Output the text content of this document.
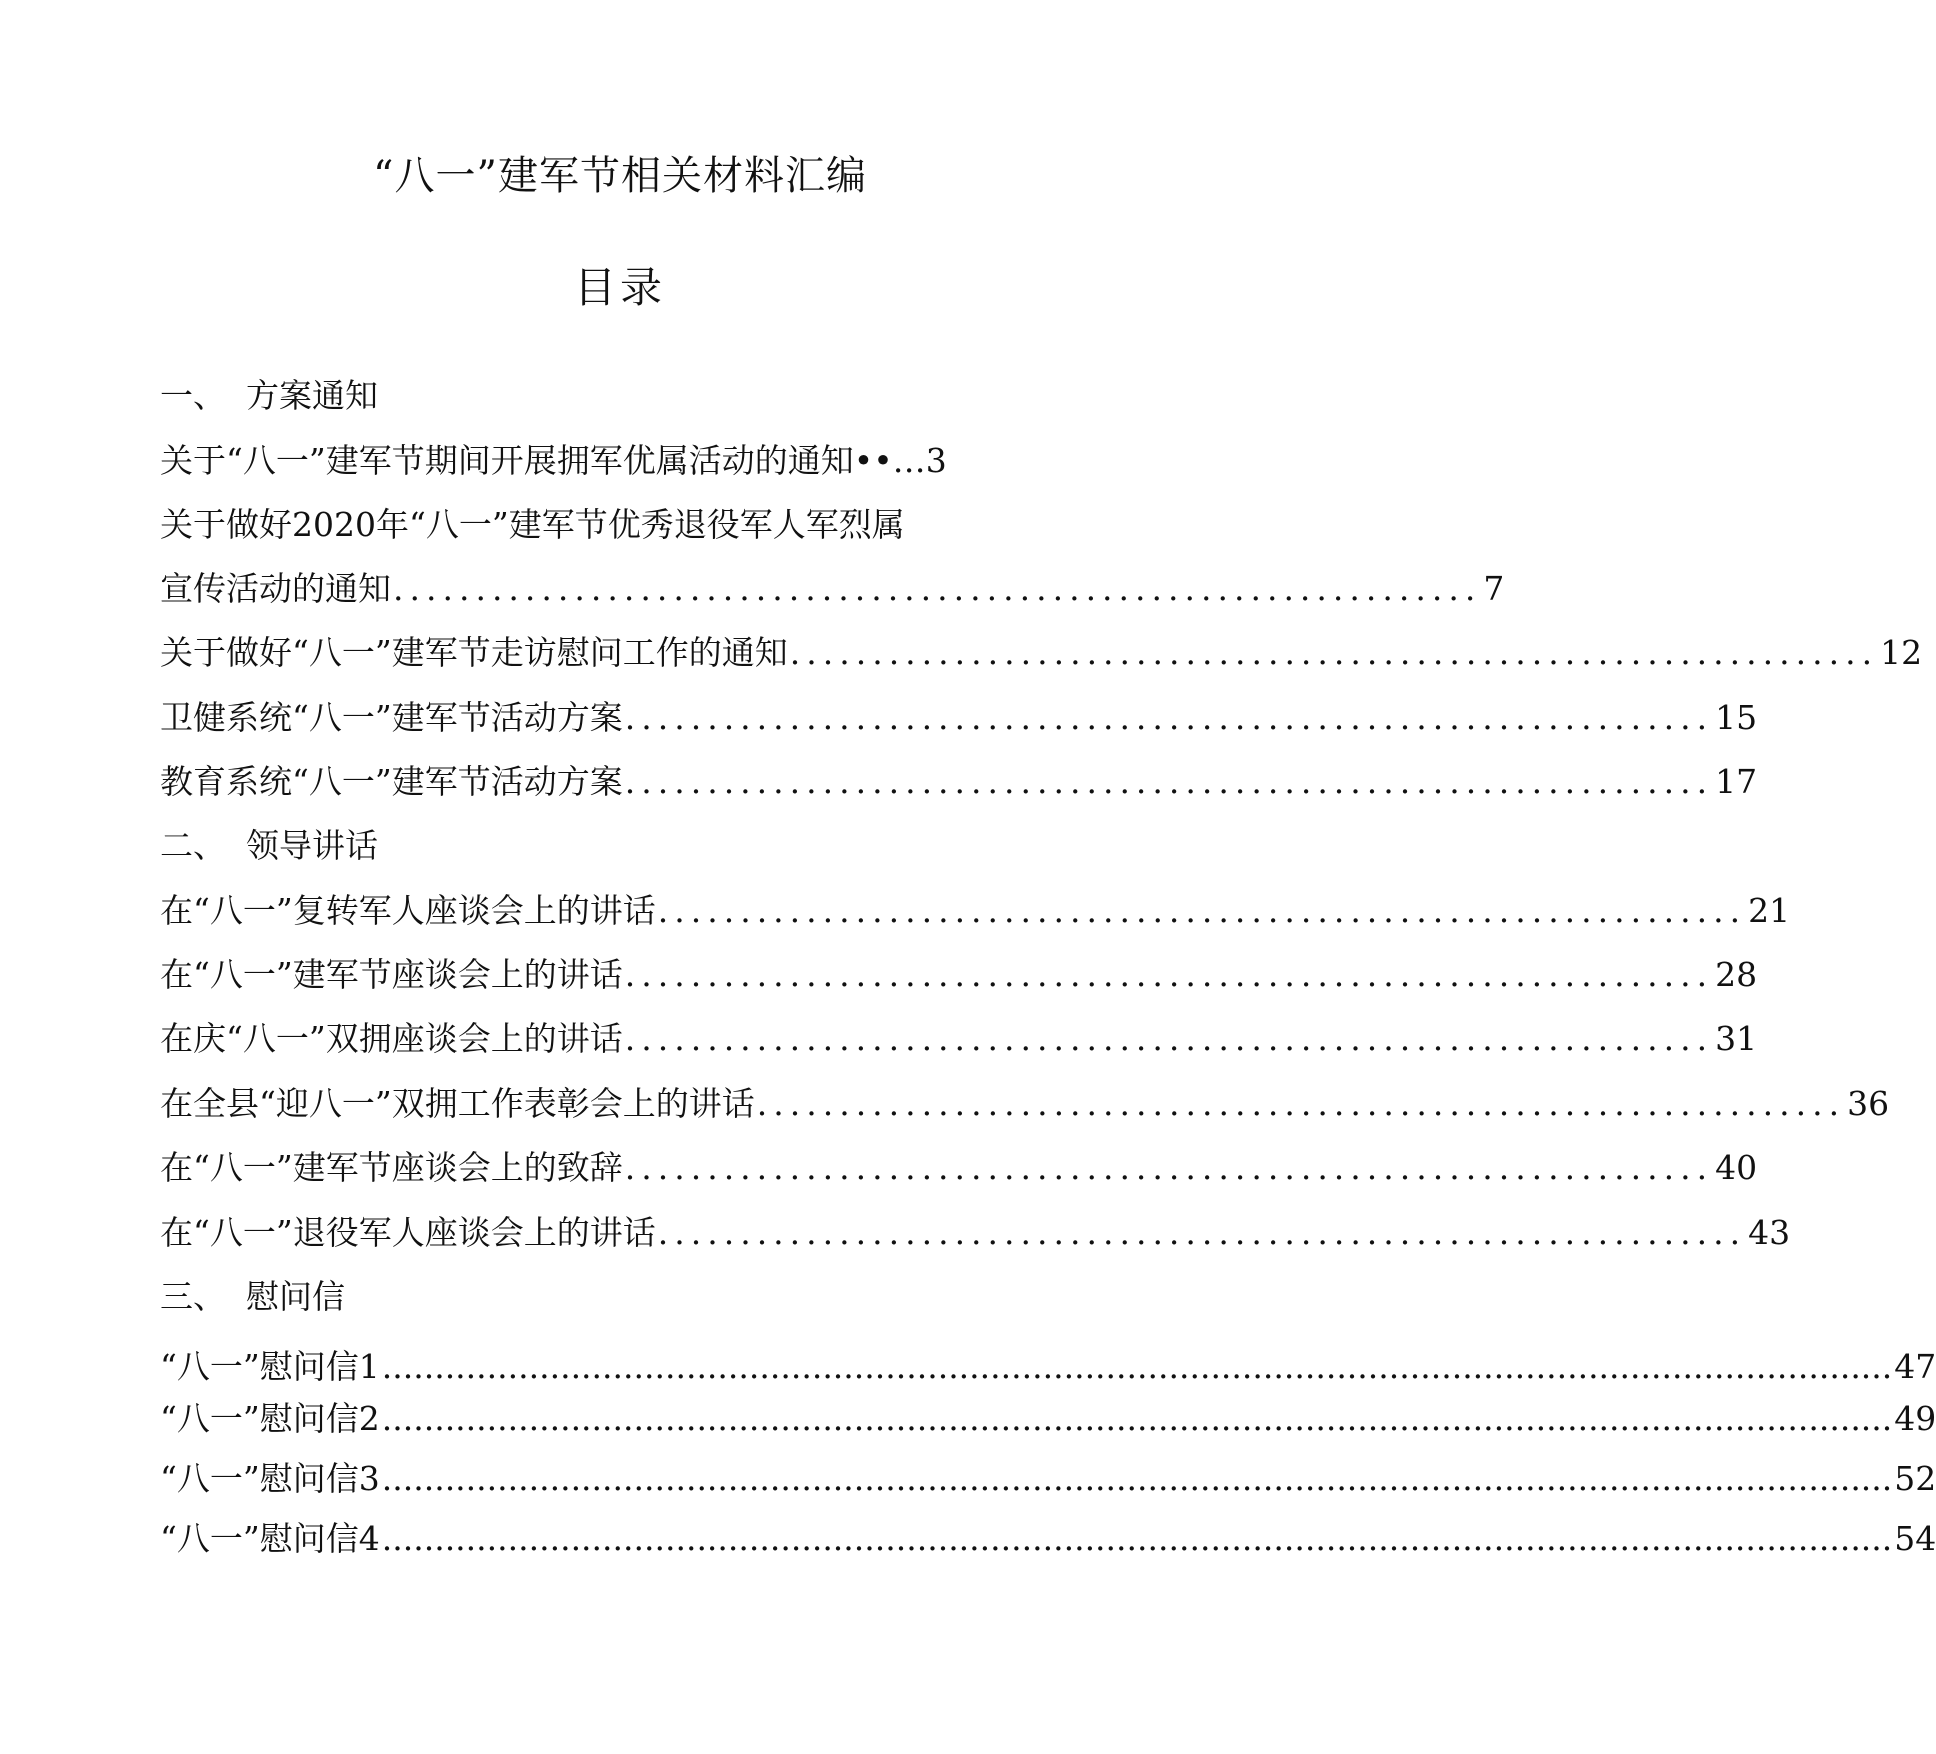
“八一”建军节相关材料汇编
目录
一、 方案通知
关于“八一”建军节期间开展拥军优属活动的通知 ••… 3
关于做好2020年“八一”建军节优秀退役军人军烈属
宣传活动的通知 .................................................................. 7
关于做好“八一”建军节走访慰问工作的通知 .................................................................. 12
卫健系统“八一”建军节活动方案 .................................................................. 15
教育系统“八一”建军节活动方案 .................................................................. 17
二、 领导讲话
在“八一”复转军人座谈会上的讲话 .................................................................. 21
在“八一”建军节座谈会上的讲话 .................................................................. 28
在庆“八一”双拥座谈会上的讲话 .................................................................. 31
在全县“迎八一”双拥工作表彰会上的讲话 .................................................................. 36
在“八一”建军节座谈会上的致辞 .................................................................. 40
在“八一”退役军人座谈会上的讲话 .................................................................. 43
三、 慰问信
“八一”慰问信1 ................................................................................................................................................ 47
“八一”慰问信2 ................................................................................................................................................ 49
“八一”慰问信3 ................................................................................................................................................ 52
“八一”慰问信4 ................................................................................................................................................ 54
